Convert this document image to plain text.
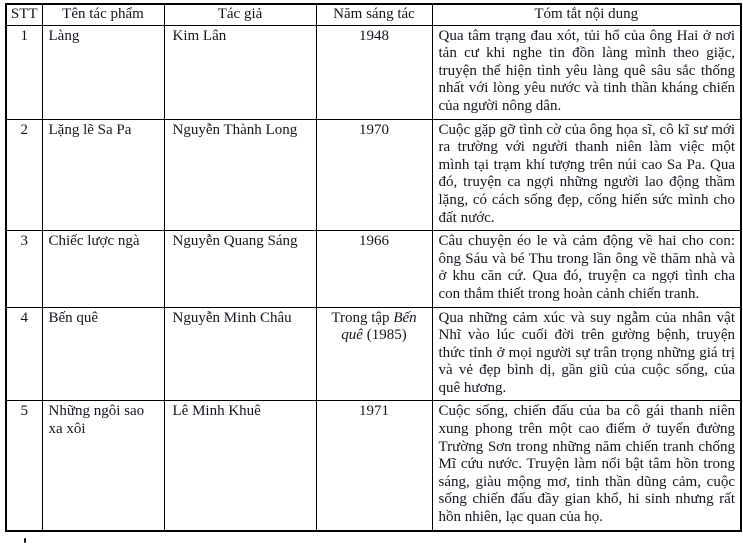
STT	Tên tác phẩm	Tác giả	Năm sáng tác	Tóm tắt nội dung
1	Làng	Kim Lân	1948	Qua tâm trạng đau xót, tủi hổ của ông Hai ở nơi tản cư khi nghe tin đồn làng mình theo giặc, truyện thể hiện tình yêu làng quê sâu sắc thống nhất với lòng yêu nước và tinh thần kháng chiến của người nông dân.
2	Lặng lẽ Sa Pa	Nguyễn Thành Long	1970	Cuộc gặp gỡ tình cờ của ông họa sĩ, cô kĩ sư mới ra trường với người thanh niên làm việc một mình tại trạm khí tượng trên núi cao Sa Pa. Qua đó, truyện ca ngợi những người lao động thầm lặng, có cách sống đẹp, cống hiến sức mình cho đất nước.
3	Chiếc lược ngà	Nguyễn Quang Sáng	1966	Câu chuyện éo le và cảm động về hai cho con: ông Sáu và bé Thu trong lần ông về thăm nhà và ở khu căn cứ. Qua đó, truyện ca ngợi tình cha con thắm thiết trong hoàn cảnh chiến tranh.
4	Bến quê	Nguyễn Minh Châu	Trong tập Bến quê (1985)	Qua những cảm xúc và suy ngẫm của nhân vật Nhĩ vào lúc cuối đời trên gường bệnh, truyện thức tỉnh ở mọi người sự trân trọng những giá trị và vẻ đẹp bình dị, gần giũ của cuộc sống, của quê hương.
5	Những ngôi sao xa xôi	Lê Minh Khuê	1971	Cuộc sống, chiến đấu của ba cô gái thanh niên xung phong trên một cao điểm ở tuyến đường Trường Sơn trong những năm chiến tranh chống Mĩ cứu nước. Truyện làm nổi bật tâm hồn trong sáng, giàu mộng mơ, tinh thần dũng cảm, cuộc sống chiến đấu đầy gian khổ, hi sinh nhưng rất hồn nhiên, lạc quan của họ.
